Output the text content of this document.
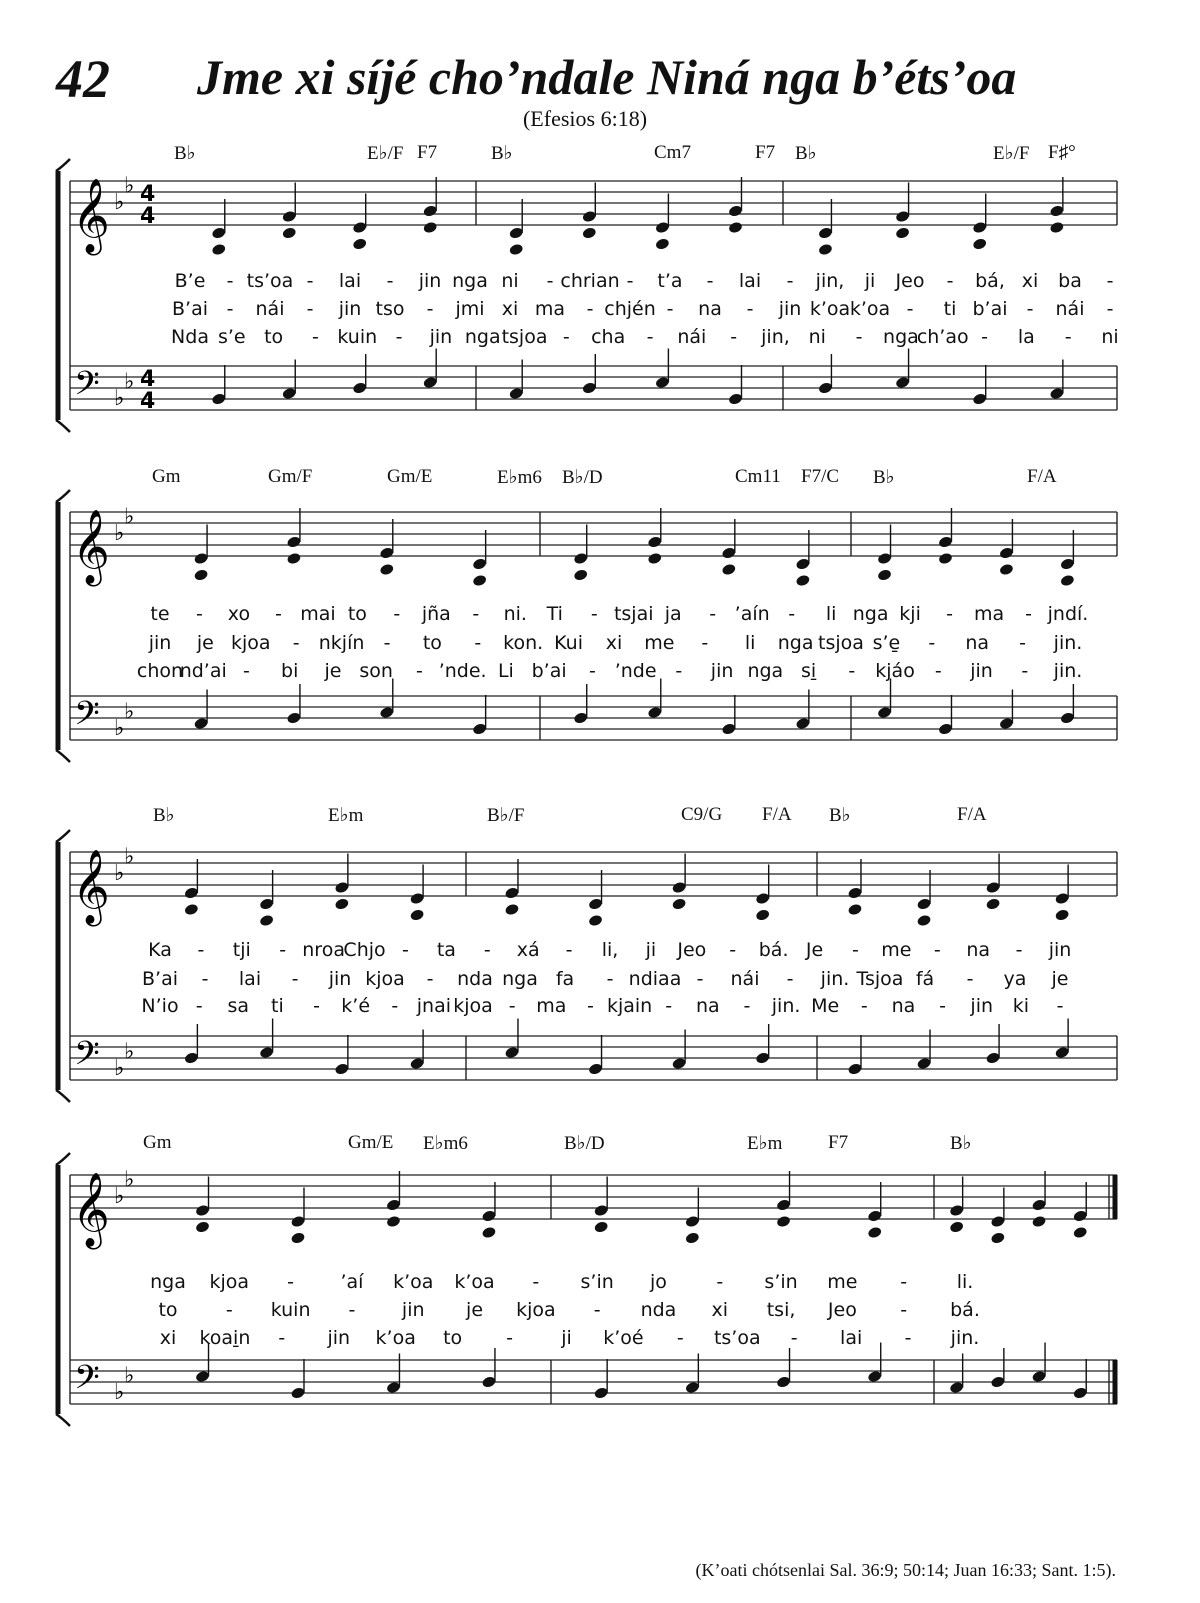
42 Jme xi síjé cho’ndale Niná nga b’éts’oa
(Efesios 6:18)
𝄞
𝄢
♭
♭
♭
♭
4
4
4
4
𝄞
𝄢
♭
♭
♭
♭
𝄞
𝄢
♭
♭
♭
♭
𝄞
𝄢
♭
♭
♭
♭
B♭	E♭/F F7	B♭	Cm7	F7 B♭	E♭/F F♯°
B’e - ts’oa - lai - jin nga ni - chrian - t’a - lai - jin, ji Jeo - bá, xi ba -
B’ai - nái - jin tso - jmi xi ma - chjén - na - jin k’oa k’oa - ti b’ai - nái -
Nda s’e to - kuin - jin nga tsjoa - cha - nái - jin, ni - nga
ch’ao - la - ni
Gm	Gm/F	Gm/E	E♭m6 B♭/D	Cm11 F7/C B♭	F/A
te - xo - mai to - jña - ni. Ti - tsjai ja - ’aín - li nga kji - ma - jndí.
jin je kjoa - nkjín - to - kon. Kui xi me - li nga tsjoa s’e̱ - na - jin.
chon
nd’ai - bi je son - ’nde. Li b’ai - ’nde - jin nga si̱ - kjáo - jin - jin.
B♭	E♭m	B♭/F	C9/G F/A B♭	F/A
Ka - tji - nroa
Chjo - ta - xá - li, ji Jeo - bá. Je - me - na - jin
B’ai - lai - jin kjoa - nda nga fa - ndiaa - nái - jin. Tsjoa fá - ya je
N’io - sa ti - k’é - jnai kjoa - ma - kjain - na - jin. Me - na - jin ki -
Gm	Gm/E E♭m6	B♭/D	E♭m F7	B♭
nga kjoa - ’aí k’oa k’oa - s’in jo	- s’in me -	li.
to	- kuin - jin je kjoa - nda xi tsi, Jeo - bá.
xi koai̱n - jin k’oa to -	ji k’oé - ts’oa - lai - jin.
(K’oati chótsenlai Sal. 36:9; 50:14; Juan 16:33; Sant. 1:5).
